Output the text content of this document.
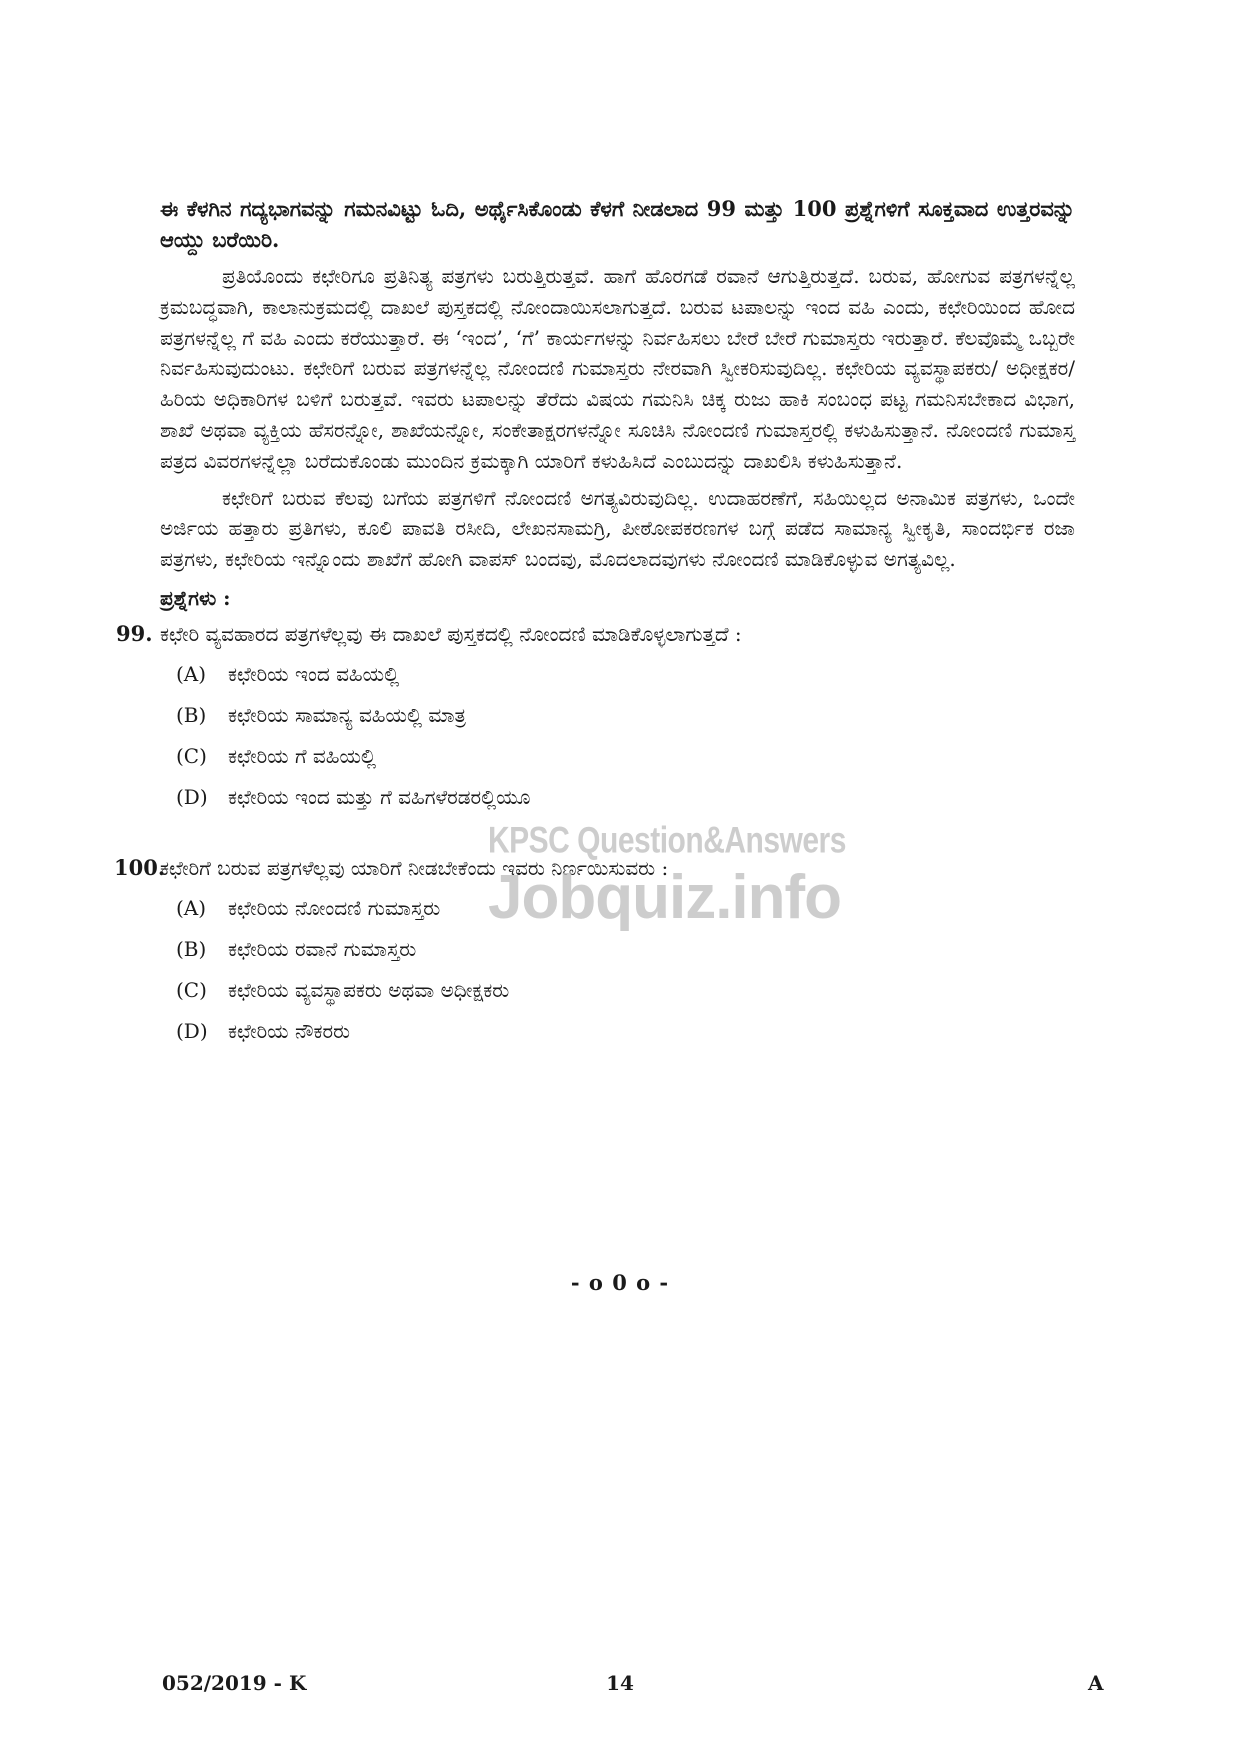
ಈ ಕೆಳಗಿನ ಗದ್ಯಭಾಗವನ್ನು ಗಮನವಿಟ್ಟು ಓದಿ, ಅರ್ಥೈಸಿಕೊಂಡು ಕೆಳಗೆ ನೀಡಲಾದ 99 ಮತ್ತು 100 ಪ್ರಶ್ನೆಗಳಿಗೆ ಸೂಕ್ತವಾದ ಉತ್ತರವನ್ನು ಆಯ್ದು ಬರೆಯಿರಿ.

ಪ್ರತಿಯೊಂದು ಕಛೇರಿಗೂ ಪ್ರತಿನಿತ್ಯ ಪತ್ರಗಳು ಬರುತ್ತಿರುತ್ತವೆ. ಹಾಗೆ ಹೊರಗಡೆ ರವಾನೆ ಆಗುತ್ತಿರುತ್ತದೆ. ಬರುವ, ಹೋಗುವ ಪತ್ರಗಳನ್ನೆಲ್ಲ ಕ್ರಮಬದ್ಧವಾಗಿ, ಕಾಲಾನುಕ್ರಮದಲ್ಲಿ ದಾಖಲೆ ಪುಸ್ತಕದಲ್ಲಿ ನೋಂದಾಯಿಸಲಾಗುತ್ತದೆ. ಬರುವ ಟಪಾಲನ್ನು ಇಂದ ವಹಿ ಎಂದು, ಕಛೇರಿಯಿಂದ ಹೋದ ಪತ್ರಗಳನ್ನೆಲ್ಲ ಗೆ ವಹಿ ಎಂದು ಕರೆಯುತ್ತಾರೆ. ಈ ‘ಇಂದ’, ‘ಗೆ’ ಕಾರ್ಯಗಳನ್ನು ನಿರ್ವಹಿಸಲು ಬೇರೆ ಬೇರೆ ಗುಮಾಸ್ತರು ಇರುತ್ತಾರೆ. ಕೆಲವೊಮ್ಮೆ ಒಬ್ಬರೇ ನಿರ್ವಹಿಸುವುದುಂಟು. ಕಛೇರಿಗೆ ಬರುವ ಪತ್ರಗಳನ್ನೆಲ್ಲ ನೋಂದಣಿ ಗುಮಾಸ್ತರು ನೇರವಾಗಿ ಸ್ವೀಕರಿಸುವುದಿಲ್ಲ. ಕಛೇರಿಯ ವ್ಯವಸ್ಥಾಪಕರು/ ಅಧೀಕ್ಷಕರ/ ಹಿರಿಯ ಅಧಿಕಾರಿಗಳ ಬಳಿಗೆ ಬರುತ್ತವೆ. ಇವರು ಟಪಾಲನ್ನು ತೆರೆದು ವಿಷಯ ಗಮನಿಸಿ ಚಿಕ್ಕ ರುಜು ಹಾಕಿ ಸಂಬಂಧ ಪಟ್ಟ ಗಮನಿಸಬೇಕಾದ ವಿಭಾಗ, ಶಾಖೆ ಅಥವಾ ವ್ಯಕ್ತಿಯ ಹೆಸರನ್ನೋ, ಶಾಖೆಯನ್ನೋ, ಸಂಕೇತಾಕ್ಷರಗಳನ್ನೋ ಸೂಚಿಸಿ ನೋಂದಣಿ ಗುಮಾಸ್ತರಲ್ಲಿ ಕಳುಹಿಸುತ್ತಾನೆ. ನೋಂದಣಿ ಗುಮಾಸ್ತ ಪತ್ರದ ವಿವರಗಳನ್ನೆಲ್ಲಾ ಬರೆದುಕೊಂಡು ಮುಂದಿನ ಕ್ರಮಕ್ಕಾಗಿ ಯಾರಿಗೆ ಕಳುಹಿಸಿದೆ ಎಂಬುದನ್ನು ದಾಖಲಿಸಿ ಕಳುಹಿಸುತ್ತಾನೆ.

ಕಛೇರಿಗೆ ಬರುವ ಕೆಲವು ಬಗೆಯ ಪತ್ರಗಳಿಗೆ ನೋಂದಣಿ ಅಗತ್ಯವಿರುವುದಿಲ್ಲ. ಉದಾಹರಣೆಗೆ, ಸಹಿಯಿಲ್ಲದ ಅನಾಮಿಕ ಪತ್ರಗಳು, ಒಂದೇ ಅರ್ಜಿಯ ಹತ್ತಾರು ಪ್ರತಿಗಳು, ಕೂಲಿ ಪಾವತಿ ರಸೀದಿ, ಲೇಖನಸಾಮಗ್ರಿ, ಪೀಠೋಪಕರಣಗಳ ಬಗ್ಗೆ ಪಡೆದ ಸಾಮಾನ್ಯ ಸ್ವೀಕೃತಿ, ಸಾಂದರ್ಭಿಕ ರಜಾ ಪತ್ರಗಳು, ಕಛೇರಿಯ ಇನ್ನೊಂದು ಶಾಖೆಗೆ ಹೋಗಿ ವಾಪಸ್ ಬಂದವು, ಮೊದಲಾದವುಗಳು ನೋಂದಣಿ ಮಾಡಿಕೊಳ್ಳುವ ಅಗತ್ಯವಿಲ್ಲ.

ಪ್ರಶ್ನೆಗಳು :
99. ಕಛೇರಿ ವ್ಯವಹಾರದ ಪತ್ರಗಳೆಲ್ಲವು ಈ ದಾಖಲೆ ಪುಸ್ತಕದಲ್ಲಿ ನೋಂದಣಿ ಮಾಡಿಕೊಳ್ಳಲಾಗುತ್ತದೆ :
(A)	ಕಛೇರಿಯ ಇಂದ ವಹಿಯಲ್ಲಿ
(B)	ಕಛೇರಿಯ ಸಾಮಾನ್ಯ ವಹಿಯಲ್ಲಿ ಮಾತ್ರ
(C)	ಕಛೇರಿಯ ಗೆ ವಹಿಯಲ್ಲಿ
(D)	ಕಛೇರಿಯ ಇಂದ ಮತ್ತು ಗೆ ವಹಿಗಳೆರಡರಲ್ಲಿಯೂ
100.
ಕಛೇರಿಗೆ ಬರುವ ಪತ್ರಗಳೆಲ್ಲವು ಯಾರಿಗೆ ನೀಡಬೇಕೆಂದು ಇವರು ನಿರ್ಣಯಿಸುವರು :
(A)	ಕಛೇರಿಯ ನೋಂದಣಿ ಗುಮಾಸ್ತರು
(B)	ಕಛೇರಿಯ ರವಾನೆ ಗುಮಾಸ್ತರು
(C)	ಕಛೇರಿಯ ವ್ಯವಸ್ಥಾಪಕರು ಅಥವಾ ಅಧೀಕ್ಷಕರು
(D)	ಕಛೇರಿಯ ನೌಕರರು
KPSC Question&Answers
Jobquiz.info
- o 0 o -
052/2019 - K	14	A
